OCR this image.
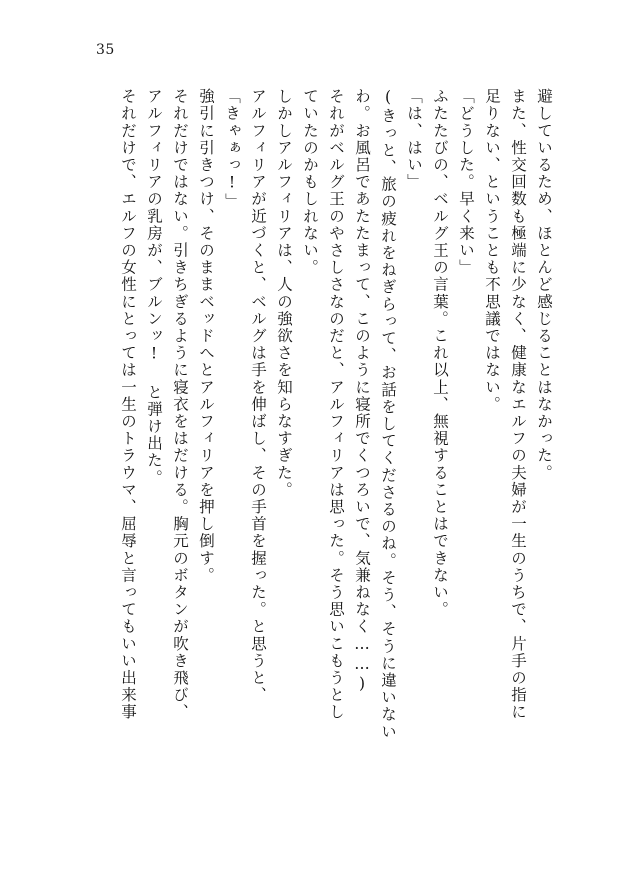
35
避しているため、ほとんど感じることはなかった。
また、性交回数も極端に少なく、健康なエルフの夫婦が一生のうちで、片手の指に
足りない、ということも不思議ではない。
「どうした。早く来い」
ふたたびの、ベルグ王の言葉。これ以上、無視することはできない。
「は、はい」
(きっと、旅の疲れをねぎらって、お話をしてくださるのね。そう、そうに違いない
わ。お風呂であたたまって、このように寝所でくつろいで、気兼ねなく……)
それがベルグ王のやさしさなのだと、アルフィリアは思った。そう思いこもうとし
ていたのかもしれない。
しかしアルフィリアは、人の強欲さを知らなすぎた。
アルフィリアが近づくと、ベルグは手を伸ばし、その手首を握った。と思うと、
「きゃぁっ!」
強引に引きつけ、そのままベッドへとアルフィリアを押し倒す。
それだけではない。引きちぎるように寝衣をはだける。胸元のボタンが吹き飛び、
アルフィリアの乳房が、ブルンッ! と弾け出た。
それだけで、エルフの女性にとっては一生のトラウマ、屈辱と言ってもいい出来事
